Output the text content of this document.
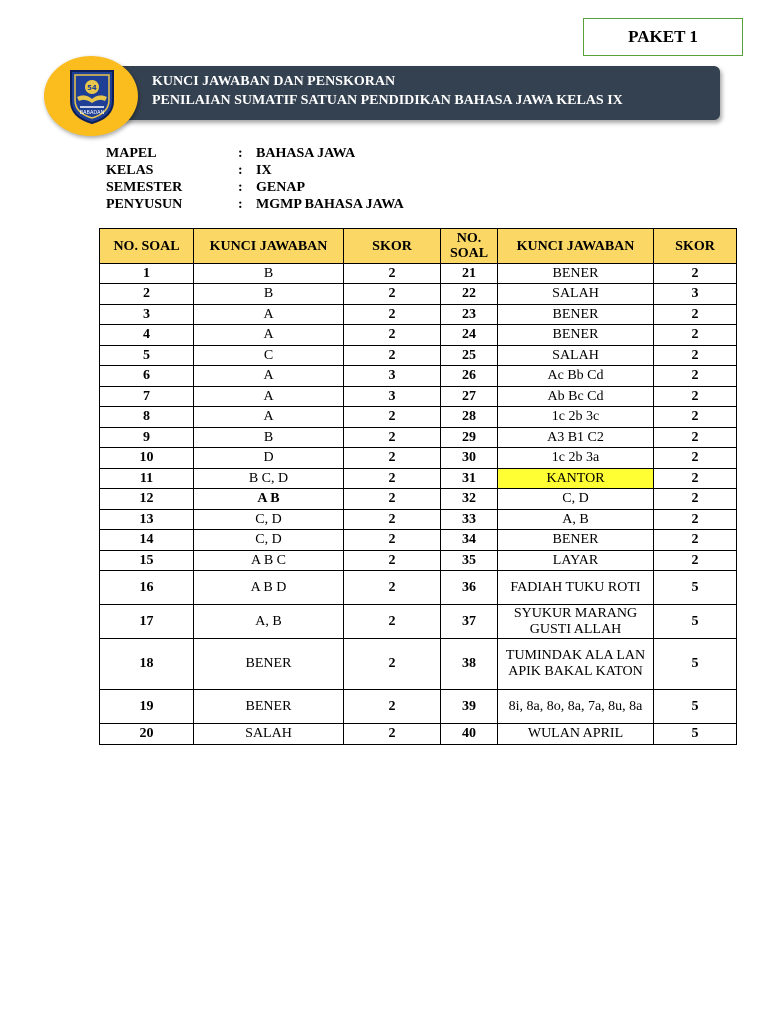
PAKET 1
KUNCI JAWABAN DAN PENSKORAN
PENILAIAN SUMATIF SATUAN PENDIDIKAN BAHASA JAWA KELAS IX
54
BABADAN
MAPEL	: BAHASA JAWA
KELAS	: IX
SEMESTER	: GENAP
PENYUSUN	: MGMP BAHASA JAWA
NO. SOAL	KUNCI JAWABAN	SKOR	NO. SOAL	KUNCI JAWABAN	SKOR
1	B	2	21	BENER	2
2	B	2	22	SALAH	3
3	A	2	23	BENER	2
4	A	2	24	BENER	2
5	C	2	25	SALAH	2
6	A	3	26	Ac Bb Cd	2
7	A	3	27	Ab Bc Cd	2
8	A	2	28	1c 2b 3c	2
9	B	2	29	A3 B1 C2	2
10	D	2	30	1c 2b 3a	2
11	B C, D	2	31	KANTOR	2
12	A B	2	32	C, D	2
13	C, D	2	33	A, B	2
14	C, D	2	34	BENER	2
15	A B C	2	35	LAYAR	2
16	A B D	2	36	FADIAH TUKU ROTI	5
17	A, B	2	37	SYUKUR MARANG GUSTI ALLAH	5
18	BENER	2	38	TUMINDAK ALA LAN APIK BAKAL KATON	5
19	BENER	2	39	8i, 8a, 8o, 8a, 7a, 8u, 8a	5
20	SALAH	2	40	WULAN APRIL	5
